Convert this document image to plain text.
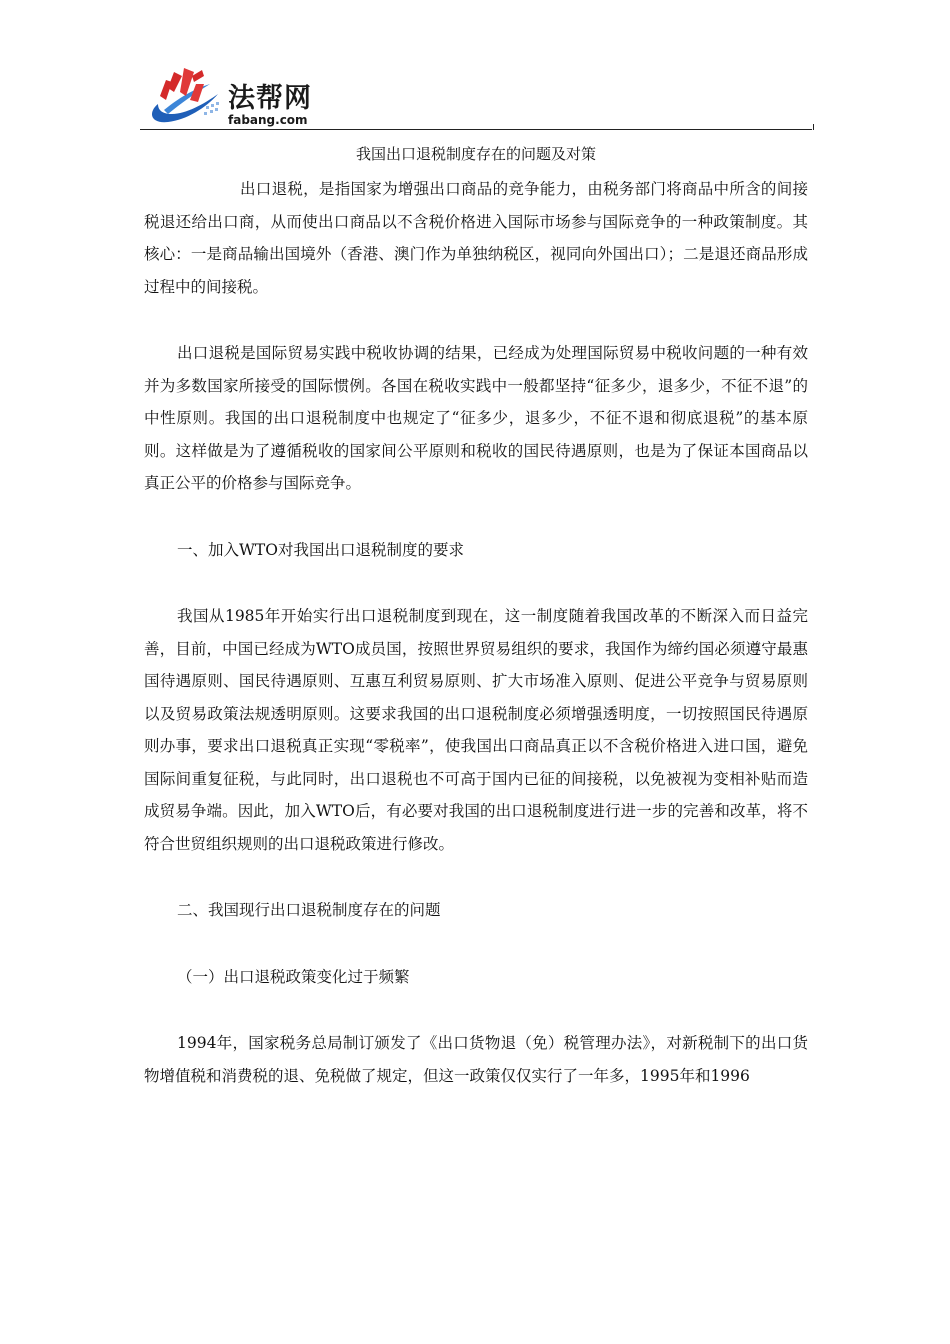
法帮网
fabang.com
我国出口退税制度存在的问题及对策

出口退税，是指国家为增强出口商品的竞争能力，由税务部门将商品中所含的间接税退还给出口商，从而使出口商品以不含税价格进入国际市场参与国际竞争的一种政策制度。其核心：一是商品输出国境外（香港、澳门作为单独纳税区，视同向外国出口）；二是退还商品形成过程中的间接税。

出口退税是国际贸易实践中税收协调的结果，已经成为处理国际贸易中税收问题的一种有效并为多数国家所接受的国际惯例。各国在税收实践中一般都坚持“征多少，退多少，不征不退”的中性原则。我国的出口退税制度中也规定了“征多少，退多少，不征不退和彻底退税”的基本原则。这样做是为了遵循税收的国家间公平原则和税收的国民待遇原则，也是为了保证本国商品以真正公平的价格参与国际竞争。

一、加入WTO对我国出口退税制度的要求

我国从1985年开始实行出口退税制度到现在，这一制度随着我国改革的不断深入而日益完善，目前，中国已经成为WTO成员国，按照世界贸易组织的要求，我国作为缔约国必须遵守最惠国待遇原则、国民待遇原则、互惠互利贸易原则、扩大市场准入原则、促进公平竞争与贸易原则以及贸易政策法规透明原则。这要求我国的出口退税制度必须增强透明度，一切按照国民待遇原则办事，要求出口退税真正实现“零税率”，使我国出口商品真正以不含税价格进入进口国，避免国际间重复征税，与此同时，出口退税也不可高于国内已征的间接税，以免被视为变相补贴而造成贸易争端。因此，加入WTO后，有必要对我国的出口退税制度进行进一步的完善和改革，将不符合世贸组织规则的出口退税政策进行修改。

二、我国现行出口退税制度存在的问题
（一）出口退税政策变化过于频繁

1994年，国家税务总局制订颁发了《出口货物退（免）税管理办法》，对新税制下的出口货物增值税和消费税的退、免税做了规定，但这一政策仅仅实行了一年多，1995年和1996
